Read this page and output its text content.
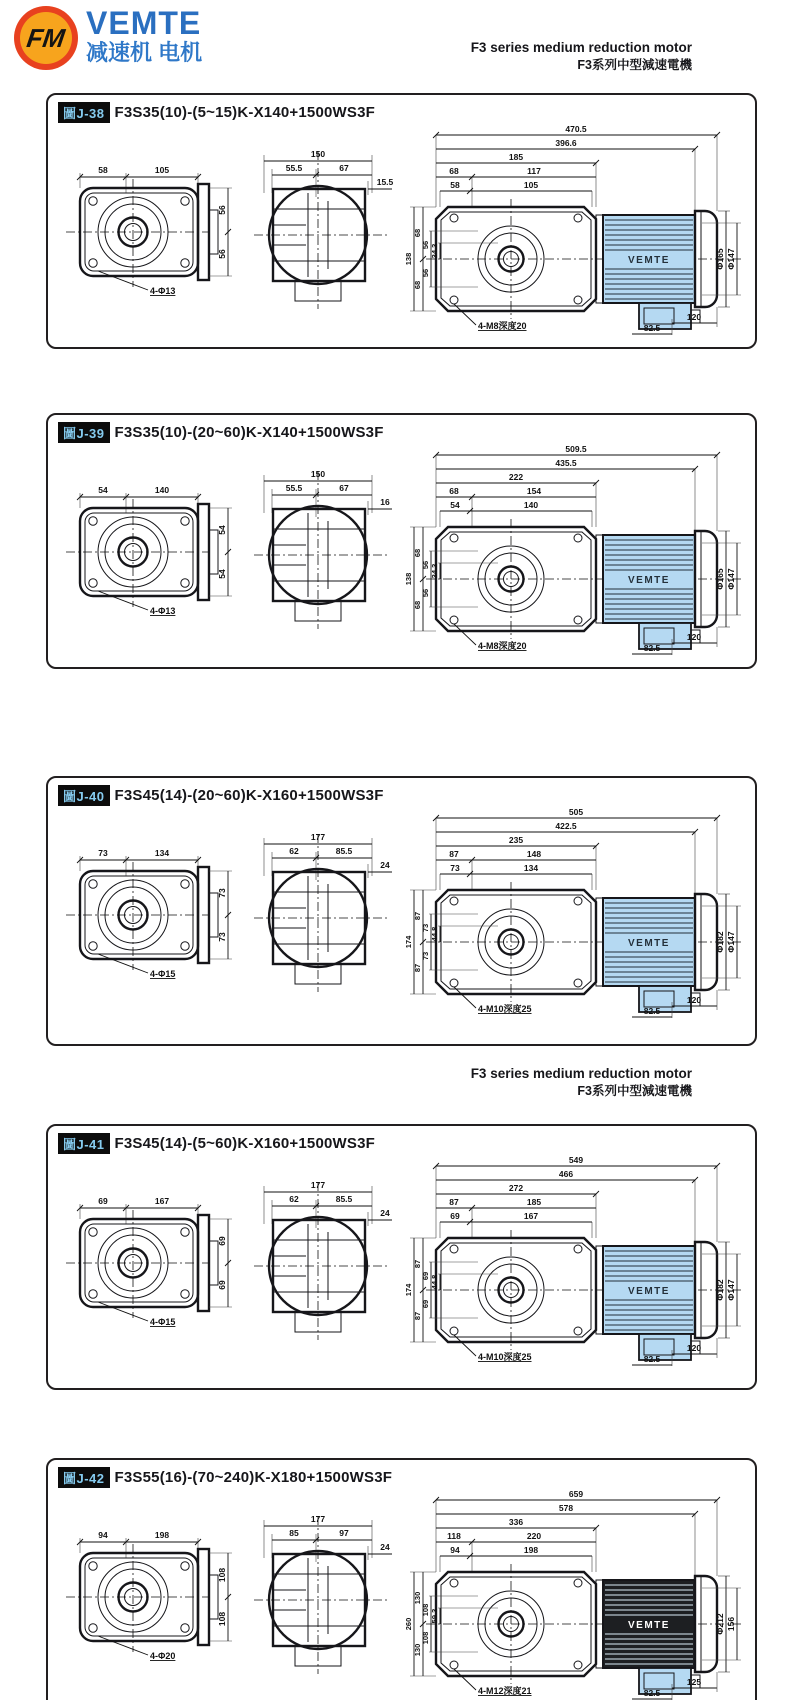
FM VEMTE
减速机 电机	F3 series medium reduction motor
F3系列中型減速電機
F3 series medium reduction motor
F3系列中型減速電機
圖J-38 F3S35(10)-(5~15)K-X140+1500WS3F
58	105
56
56
4-Φ13
150
55.5	67
15.5
470.5
396.6
185
68	117
58	105
VEMTE
120
82.5
Φ165 Φ147
138
68
68
56
56
34.3
4-M8深度20
圖J-39 F3S35(10)-(20~60)K-X140+1500WS3F
54	140
54
54
4-Φ13
150
55.5	67
16
509.5
435.5
222
68	154
54	140
VEMTE
120
82.5
Φ165 Φ147
138
68
68
56
56
34.3
4-M8深度20
圖J-40 F3S45(14)-(20~60)K-X160+1500WS3F
73	134
73
73
4-Φ15
177
62	85.5
24
505
422.5
235
87	148
73	134
VEMTE
120
82.5
Φ182 Φ147
174
87
87
73
73
44.8
4-M10深度25
圖J-41 F3S45(14)-(5~60)K-X160+1500WS3F
69	167
69
69
4-Φ15
177
62	85.5
24
549
466
272
87	185
69	167
VEMTE
120
82.5
Φ182 Φ147
174
87
87
69
69
44.8
4-M10深度25
圖J-42 F3S55(16)-(70~240)K-X180+1500WS3F
94	198
108
108
4-Φ20
177
85	97
24
659
578
336
118	220
94	198
VEMTE
125
82.5
Φ212 156
260
130
130
108
108
59.3
4-M12深度21
